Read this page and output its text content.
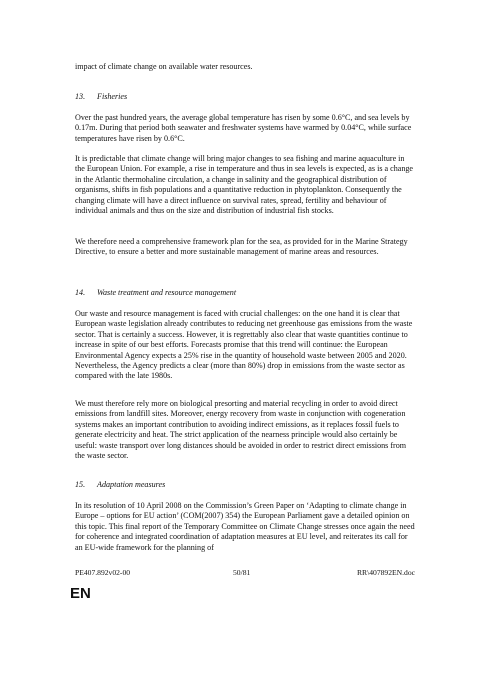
impact of climate change on available water resources.

13. Fisheries

Over the past hundred years, the average global temperature has risen by some 0.6°C, and sea levels by 0.17m. During that period both seawater and freshwater systems have warmed by 0.04°C, while surface temperatures have risen by 0.6°C.

It is predictable that climate change will bring major changes to sea fishing and marine aquaculture in the European Union. For example, a rise in temperature and thus in sea levels is expected, as is a change in the Atlantic thermohaline circulation, a change in salinity and the geographical distribution of organisms, shifts in fish populations and a quantitative reduction in phytoplankton. Consequently the changing climate will have a direct influence on survival rates, spread, fertility and behaviour of individual animals and thus on the size and distribution of industrial fish stocks.

We therefore need a comprehensive framework plan for the sea, as provided for in the Marine Strategy Directive, to ensure a better and more sustainable management of marine areas and resources.

14. Waste treatment and resource management

Our waste and resource management is faced with crucial challenges: on the one hand it is clear that European waste legislation already contributes to reducing net greenhouse gas emissions from the waste sector. That is certainly a success. However, it is regrettably also clear that waste quantities continue to increase in spite of our best efforts. Forecasts promise that this trend will continue: the European Environmental Agency expects a 25% rise in the quantity of household waste between 2005 and 2020. Nevertheless, the Agency predicts a clear (more than 80%) drop in emissions from the waste sector as compared with the late 1980s.

We must therefore rely more on biological presorting and material recycling in order to avoid direct emissions from landfill sites. Moreover, energy recovery from waste in conjunction with cogeneration systems makes an important contribution to avoiding indirect emissions, as it replaces fossil fuels to generate electricity and heat. The strict application of the nearness principle would also certainly be useful: waste transport over long distances should be avoided in order to restrict direct emissions from the waste sector.

15. Adaptation measures

In its resolution of 10 April 2008 on the Commission’s Green Paper on ‘Adapting to climate change in Europe – options for EU action’ (COM(2007) 354) the European Parliament gave a detailed opinion on this topic. This final report of the Temporary Committee on Climate Change stresses once again the need for coherence and integrated coordination of adaptation measures at EU level, and reiterates its call for an EU-wide framework for the planning of

PE407.892v02-00	50/81	RR\407892EN.doc
EN
